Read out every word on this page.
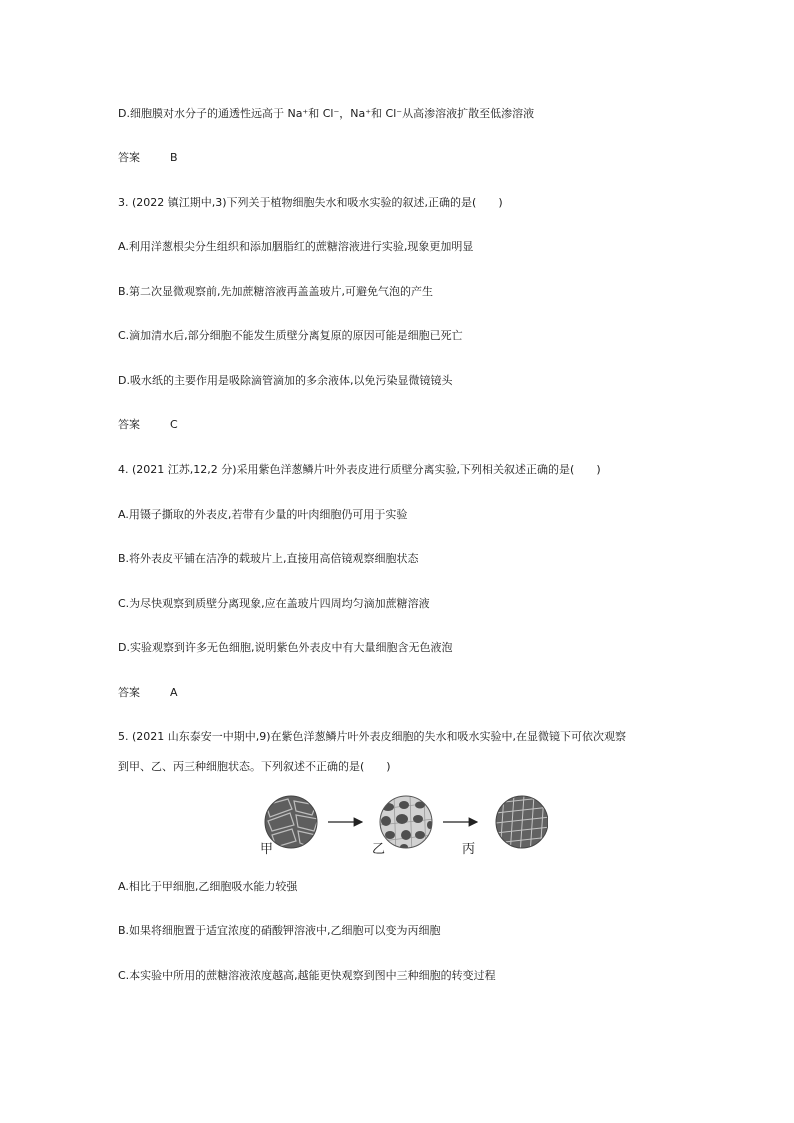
D.细胞膜对水分子的通透性远高于 Na⁺和 Cl⁻，Na⁺和 Cl⁻从高渗溶液扩散至低渗溶液
答案	B
3. (2022 镇江期中,3)下列关于植物细胞失水和吸水实验的叙述,正确的是(　　)
A.利用洋葱根尖分生组织和添加胭脂红的蔗糖溶液进行实验,现象更加明显
B.第二次显微观察前,先加蔗糖溶液再盖盖玻片,可避免气泡的产生
C.滴加清水后,部分细胞不能发生质壁分离复原的原因可能是细胞已死亡
D.吸水纸的主要作用是吸除滴管滴加的多余液体,以免污染显微镜镜头
答案	C
4. (2021 江苏,12,2 分)采用紫色洋葱鳞片叶外表皮进行质壁分离实验,下列相关叙述正确的是(　　)
A.用镊子撕取的外表皮,若带有少量的叶肉细胞仍可用于实验
B.将外表皮平铺在洁净的载玻片上,直接用高倍镜观察细胞状态
C.为尽快观察到质壁分离现象,应在盖玻片四周均匀滴加蔗糖溶液
D.实验观察到许多无色细胞,说明紫色外表皮中有大量细胞含无色液泡
答案	A
5. (2021 山东泰安一中期中,9)在紫色洋葱鳞片叶外表皮细胞的失水和吸水实验中,在显微镜下可依次观察
到甲、乙、丙三种细胞状态。下列叙述不正确的是(　　)
甲	乙	丙
A.相比于甲细胞,乙细胞吸水能力较强
B.如果将细胞置于适宜浓度的硝酸钾溶液中,乙细胞可以变为丙细胞
C.本实验中所用的蔗糖溶液浓度越高,越能更快观察到图中三种细胞的转变过程
